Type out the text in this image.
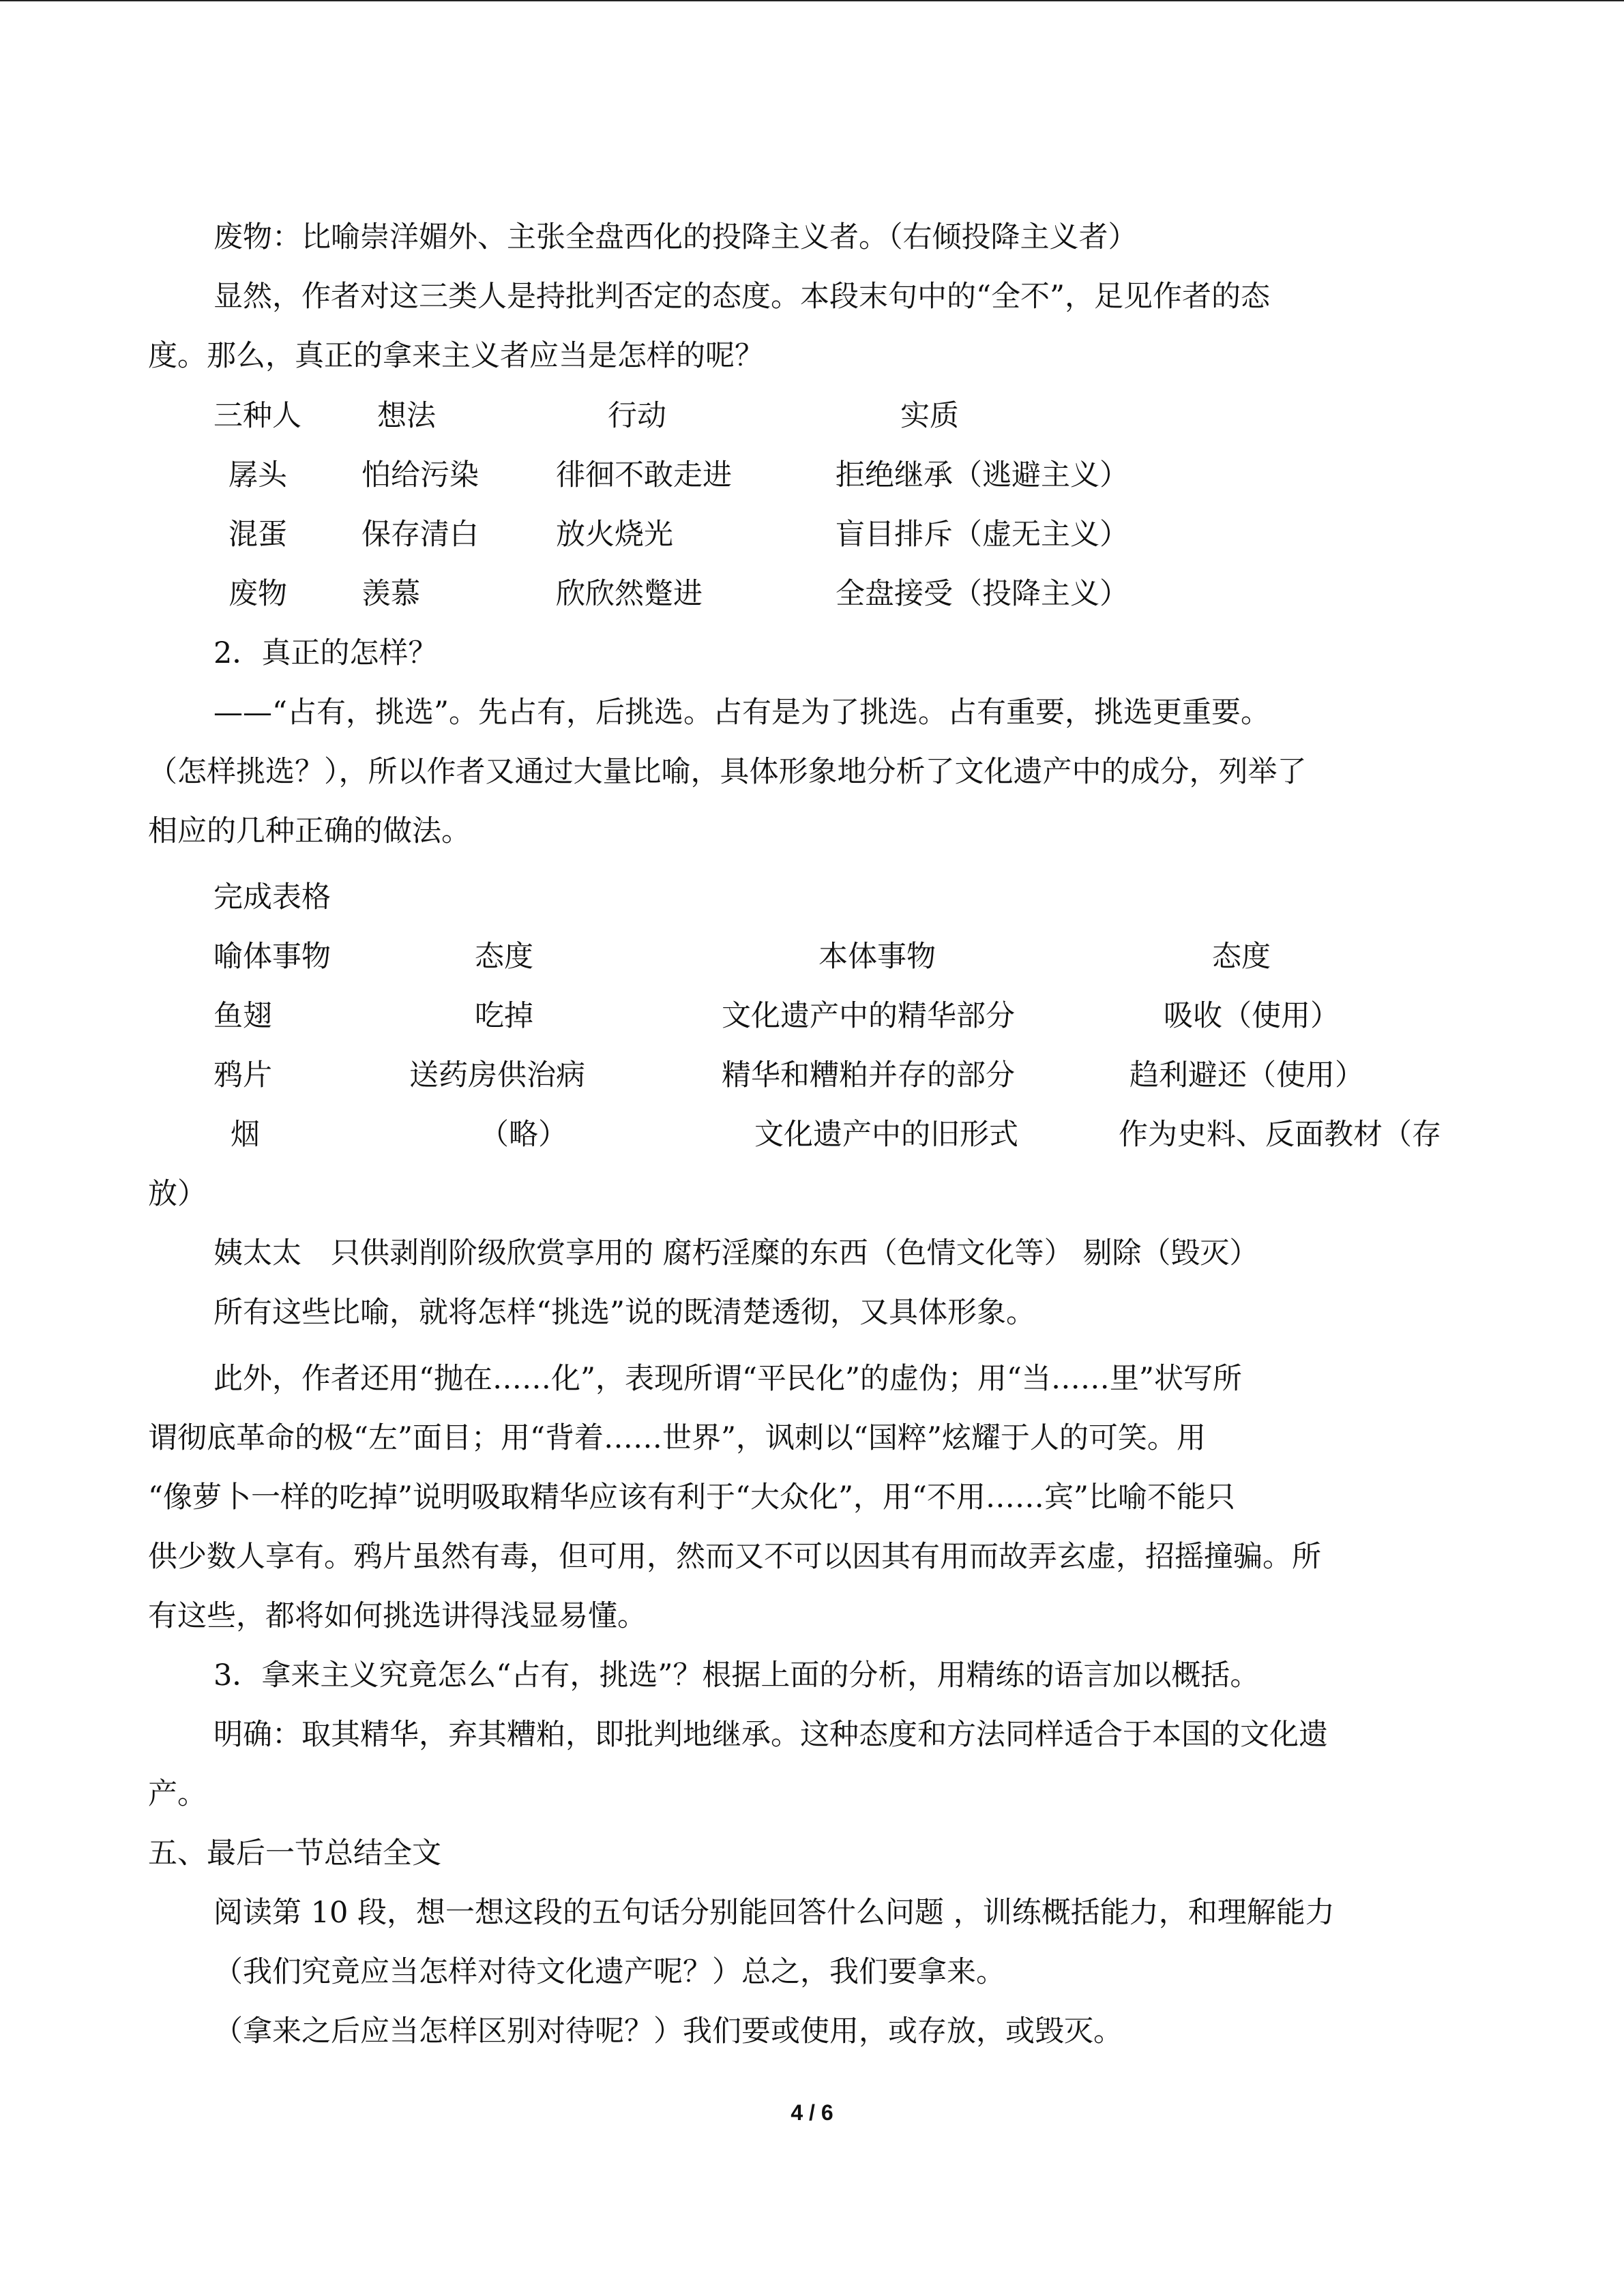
废物：比喻崇洋媚外、主张全盘西化的投降主义者。（右倾投降主义者）
显然，作者对这三类人是持批判否定的态度。本段末句中的“全不”，足见作者的态
度。那么，真正的拿来主义者应当是怎样的呢？
三种人	想法	行动	实质
孱头	怕给污染	徘徊不敢走进	拒绝继承（逃避主义）
混蛋	保存清白	放火烧光	盲目排斥（虚无主义）
废物	羡慕	欣欣然蹩进	全盘接受（投降主义）
2．真正的怎样？
——“占有，挑选”。先占有，后挑选。占有是为了挑选。占有重要，挑选更重要。
（怎样挑选？），所以作者又通过大量比喻，具体形象地分析了文化遗产中的成分，列举了
相应的几种正确的做法。
完成表格
喻体事物	态度	本体事物	态度
鱼翅	吃掉	文化遗产中的精华部分	吸收（使用）
鸦片	送药房供治病	精华和糟粕并存的部分	趋利避还（使用）
烟	（略）	文化遗产中的旧形式	作为史料、反面教材（存
放）
姨太太　只供剥削阶级欣赏享用的 腐朽淫糜的东西（色情文化等） 剔除（毁灭）
所有这些比喻，就将怎样“挑选”说的既清楚透彻，又具体形象。
此外，作者还用“抛在……化”，表现所谓“平民化”的虚伪；用“当……里”状写所
谓彻底革命的极“左”面目；用“背着……世界”，讽刺以“国粹”炫耀于人的可笑。用
“像萝卜一样的吃掉”说明吸取精华应该有利于“大众化”，用“不用……宾”比喻不能只
供少数人享有。鸦片虽然有毒，但可用，然而又不可以因其有用而故弄玄虚，招摇撞骗。所
有这些，都将如何挑选讲得浅显易懂。
3．拿来主义究竟怎么“占有，挑选”？根据上面的分析，用精练的语言加以概括。
明确：取其精华，弃其糟粕，即批判地继承。这种态度和方法同样适合于本国的文化遗
产。
五、最后一节总结全文
阅读第 10 段，想一想这段的五句话分别能回答什么问题 ，训练概括能力，和理解能力
（我们究竟应当怎样对待文化遗产呢？）总之，我们要拿来。
（拿来之后应当怎样区别对待呢？）我们要或使用，或存放，或毁灭。
4 / 6
